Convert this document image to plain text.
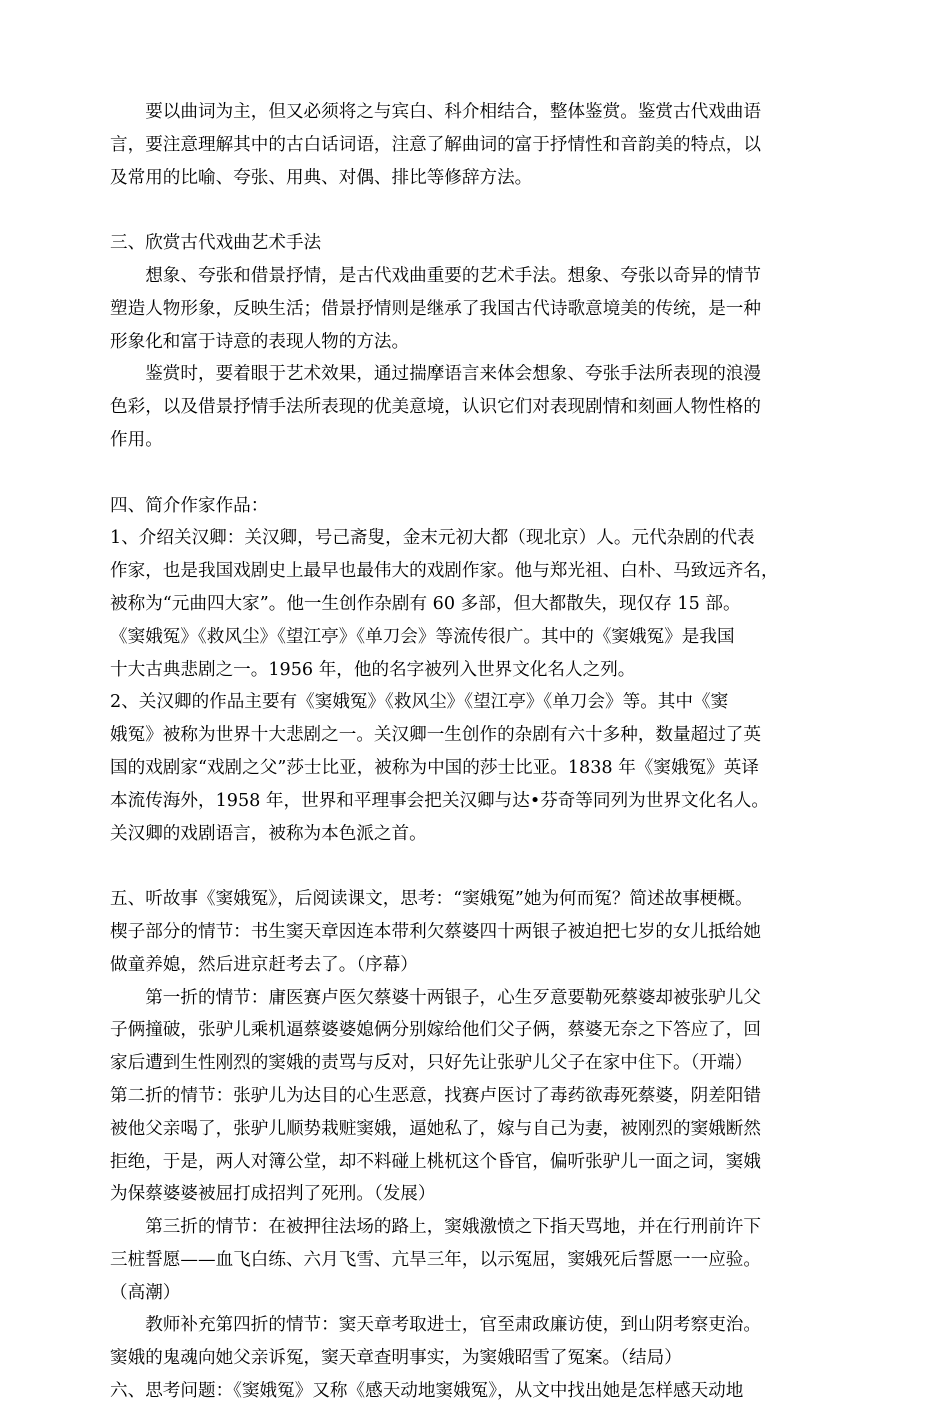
　　要以曲词为主，但又必须将之与宾白、科介相结合，整体鉴赏。鉴赏古代戏曲语
言，要注意理解其中的古白话词语，注意了解曲词的富于抒情性和音韵美的特点，以
及常用的比喻、夸张、用典、对偶、排比等修辞方法。
三、欣赏古代戏曲艺术手法
　　想象、夸张和借景抒情，是古代戏曲重要的艺术手法。想象、夸张以奇异的情节
塑造人物形象，反映生活；借景抒情则是继承了我国古代诗歌意境美的传统，是一种
形象化和富于诗意的表现人物的方法。
　　鉴赏时，要着眼于艺术效果，通过揣摩语言来体会想象、夸张手法所表现的浪漫
色彩，以及借景抒情手法所表现的优美意境，认识它们对表现剧情和刻画人物性格的
作用。
四、简介作家作品：
1、介绍关汉卿：关汉卿，号己斋叟，金末元初大都（现北京）人。元代杂剧的代表
作家，也是我国戏剧史上最早也最伟大的戏剧作家。他与郑光祖、白朴、马致远齐名，
被称为“元曲四大家”。他一生创作杂剧有 60 多部，但大都散失，现仅存 15 部。
《窦娥冤》《救风尘》《望江亭》《单刀会》等流传很广。其中的《窦娥冤》是我国
十大古典悲剧之一。1956 年，他的名字被列入世界文化名人之列。
2、关汉卿的作品主要有《窦娥冤》《救风尘》《望江亭》《单刀会》等。其中《窦
娥冤》被称为世界十大悲剧之一。关汉卿一生创作的杂剧有六十多种，数量超过了英
国的戏剧家“戏剧之父”莎士比亚，被称为中国的莎士比亚。1838 年《窦娥冤》英译
本流传海外，1958 年，世界和平理事会把关汉卿与达•芬奇等同列为世界文化名人。
关汉卿的戏剧语言，被称为本色派之首。
五、听故事《窦娥冤》，后阅读课文，思考：“窦娥冤”她为何而冤？简述故事梗概。
楔子部分的情节：书生窦天章因连本带利欠蔡婆四十两银子被迫把七岁的女儿抵给她
做童养媳，然后进京赶考去了。（序幕）
　　第一折的情节：庸医赛卢医欠蔡婆十两银子，心生歹意要勒死蔡婆却被张驴儿父
子俩撞破，张驴儿乘机逼蔡婆婆媳俩分别嫁给他们父子俩，蔡婆无奈之下答应了，回
家后遭到生性刚烈的窦娥的责骂与反对，只好先让张驴儿父子在家中住下。（开端）
第二折的情节：张驴儿为达目的心生恶意，找赛卢医讨了毒药欲毒死蔡婆，阴差阳错
被他父亲喝了，张驴儿顺势栽赃窦娥，逼她私了，嫁与自己为妻，被刚烈的窦娥断然
拒绝，于是，两人对簿公堂，却不料碰上桃杌这个昏官，偏听张驴儿一面之词，窦娥
为保蔡婆婆被屈打成招判了死刑。（发展）
　　第三折的情节：在被押往法场的路上，窦娥激愤之下指天骂地，并在行刑前许下
三桩誓愿——血飞白练、六月飞雪、亢旱三年，以示冤屈，窦娥死后誓愿一一应验。
（高潮）
　　教师补充第四折的情节：窦天章考取进士，官至肃政廉访使，到山阴考察吏治。
窦娥的鬼魂向她父亲诉冤，窦天章查明事实，为窦娥昭雪了冤案。（结局）
六、思考问题：《窦娥冤》又称《感天动地窦娥冤》，从文中找出她是怎样感天动地
